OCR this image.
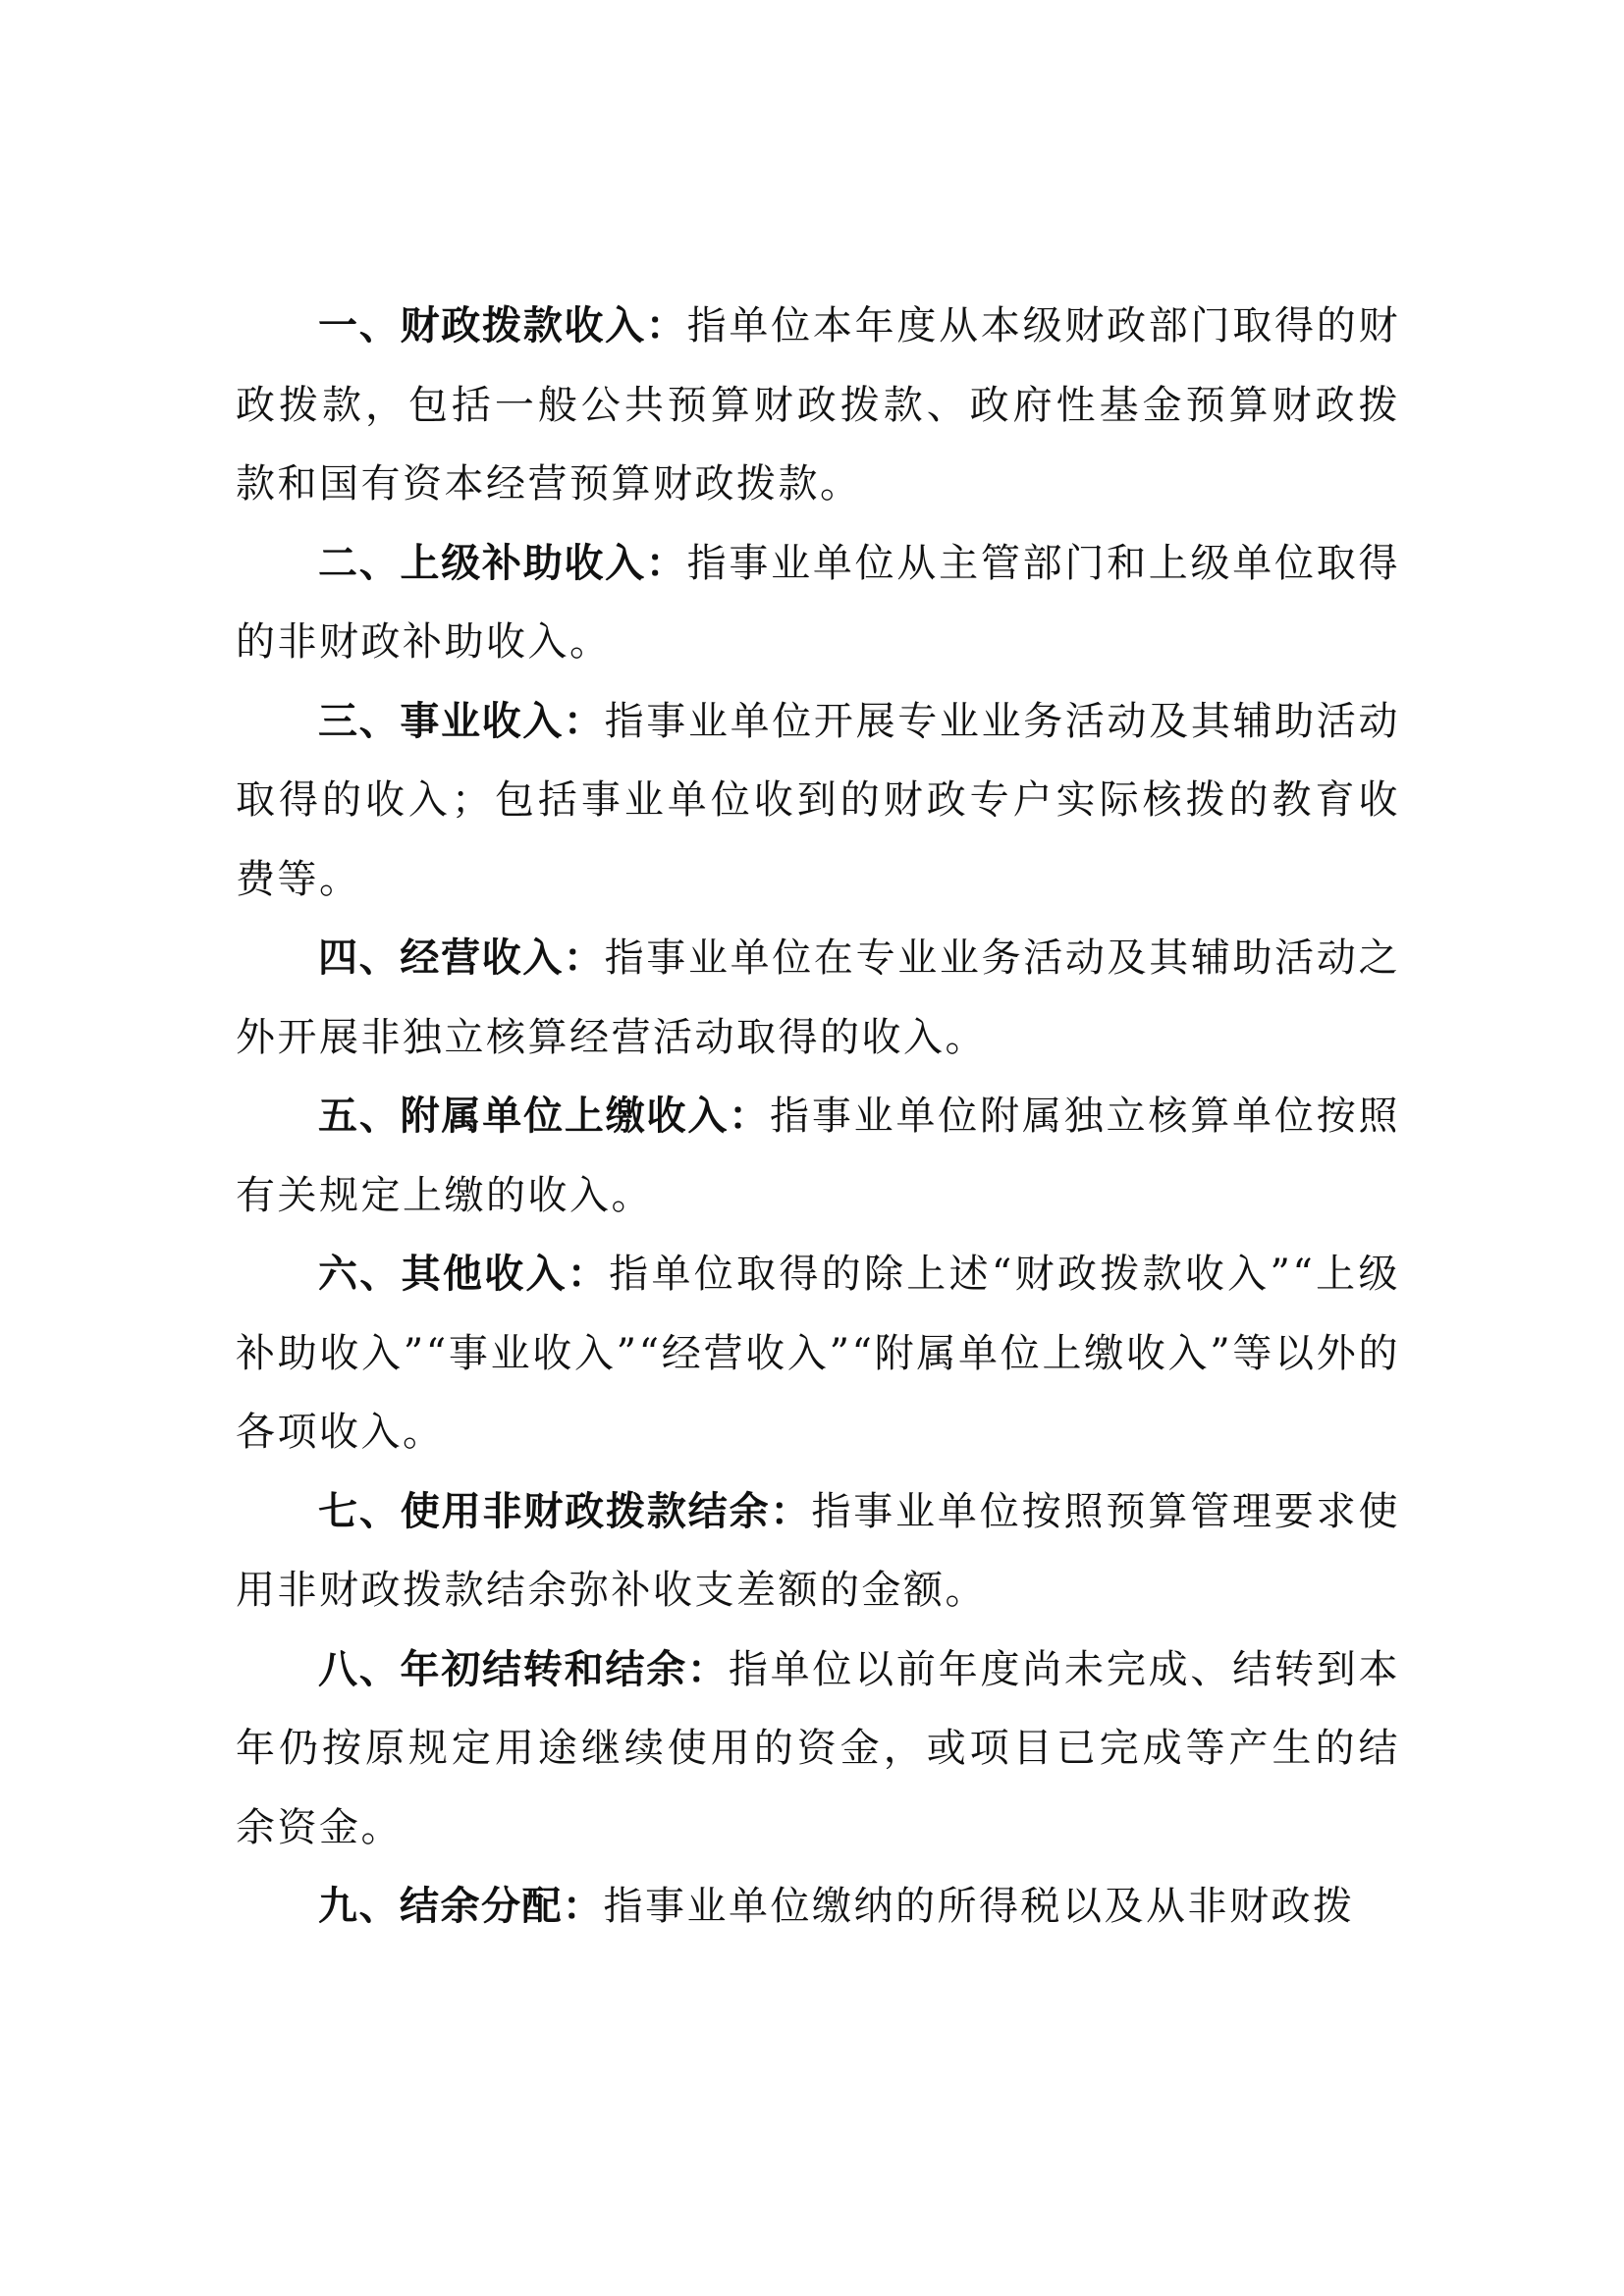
一、财政拨款收入：指单位本年度从本级财政部门取得的财政拨款，包括一般公共预算财政拨款、政府性基金预算财政拨款和国有资本经营预算财政拨款。

二、上级补助收入：指事业单位从主管部门和上级单位取得的非财政补助收入。

三、事业收入：指事业单位开展专业业务活动及其辅助活动取得的收入；包括事业单位收到的财政专户实际核拨的教育收费等。

四、经营收入：指事业单位在专业业务活动及其辅助活动之外开展非独立核算经营活动取得的收入。

五、附属单位上缴收入：指事业单位附属独立核算单位按照有关规定上缴的收入。

六、其他收入：指单位取得的除上述“财政拨款收入”“上级补助收入”“事业收入”“经营收入”“附属单位上缴收入”等以外的各项收入。

七、使用非财政拨款结余：指事业单位按照预算管理要求使用非财政拨款结余弥补收支差额的金额。

八、年初结转和结余：指单位以前年度尚未完成、结转到本年仍按原规定用途继续使用的资金，或项目已完成等产生的结余资金。

九、结余分配：指事业单位缴纳的所得税以及从非财政拨
